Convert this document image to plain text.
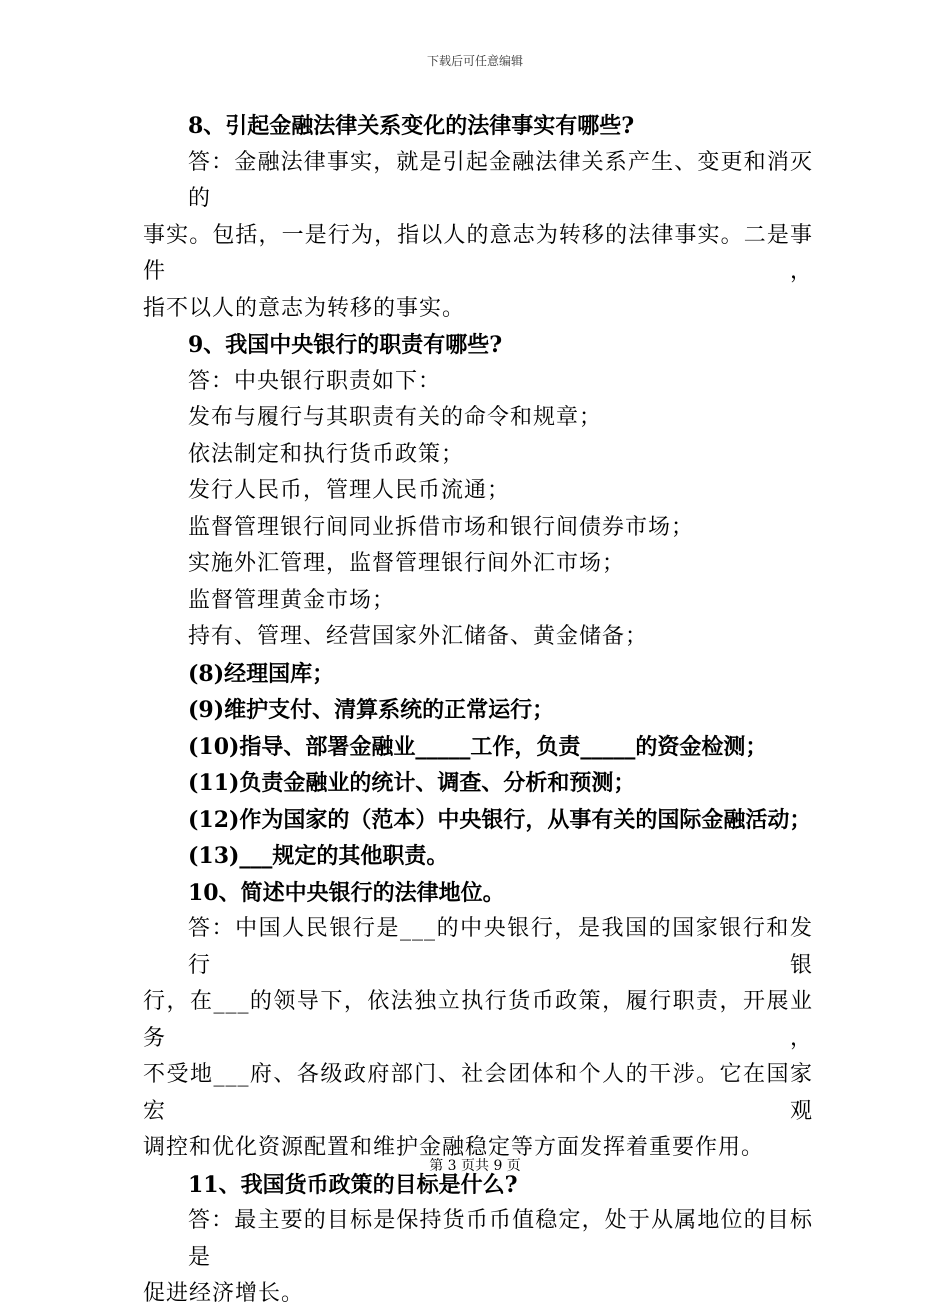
下载后可任意编辑
8、引起金融法律关系变化的法律事实有哪些?
答：金融法律事实，就是引起金融法律关系产生、变更和消灭的
事实。包括，一是行为，指以人的意志为转移的法律事实。二是事件，
指不以人的意志为转移的事实。
9、我国中央银行的职责有哪些?
答：中央银行职责如下：
发布与履行与其职责有关的命令和规章；
依法制定和执行货币政策；
发行人民币，管理人民币流通；
监督管理银行间同业拆借市场和银行间债券市场；
实施外汇管理，监督管理银行间外汇市场；
监督管理黄金市场；
持有、管理、经营国家外汇储备、黄金储备；
(8)经理国库；
(9)维护支付、清算系统的正常运行；
(10)指导、部署金融业_____工作，负责_____的资金检测；
(11)负责金融业的统计、调查、分析和预测；
(12)作为国家的（范本）中央银行，从事有关的国际金融活动；
(13)___规定的其他职责。
10、简述中央银行的法律地位。
答：中国人民银行是___的中央银行，是我国的国家银行和发行银
行，在___的领导下，依法独立执行货币政策，履行职责，开展业务，
不受地___府、各级政府部门、社会团体和个人的干涉。它在国家宏观
调控和优化资源配置和维护金融稳定等方面发挥着重要作用。
11、我国货币政策的目标是什么?
答：最主要的目标是保持货币币值稳定，处于从属地位的目标是
促进经济增长。
第 3 页共 9 页
